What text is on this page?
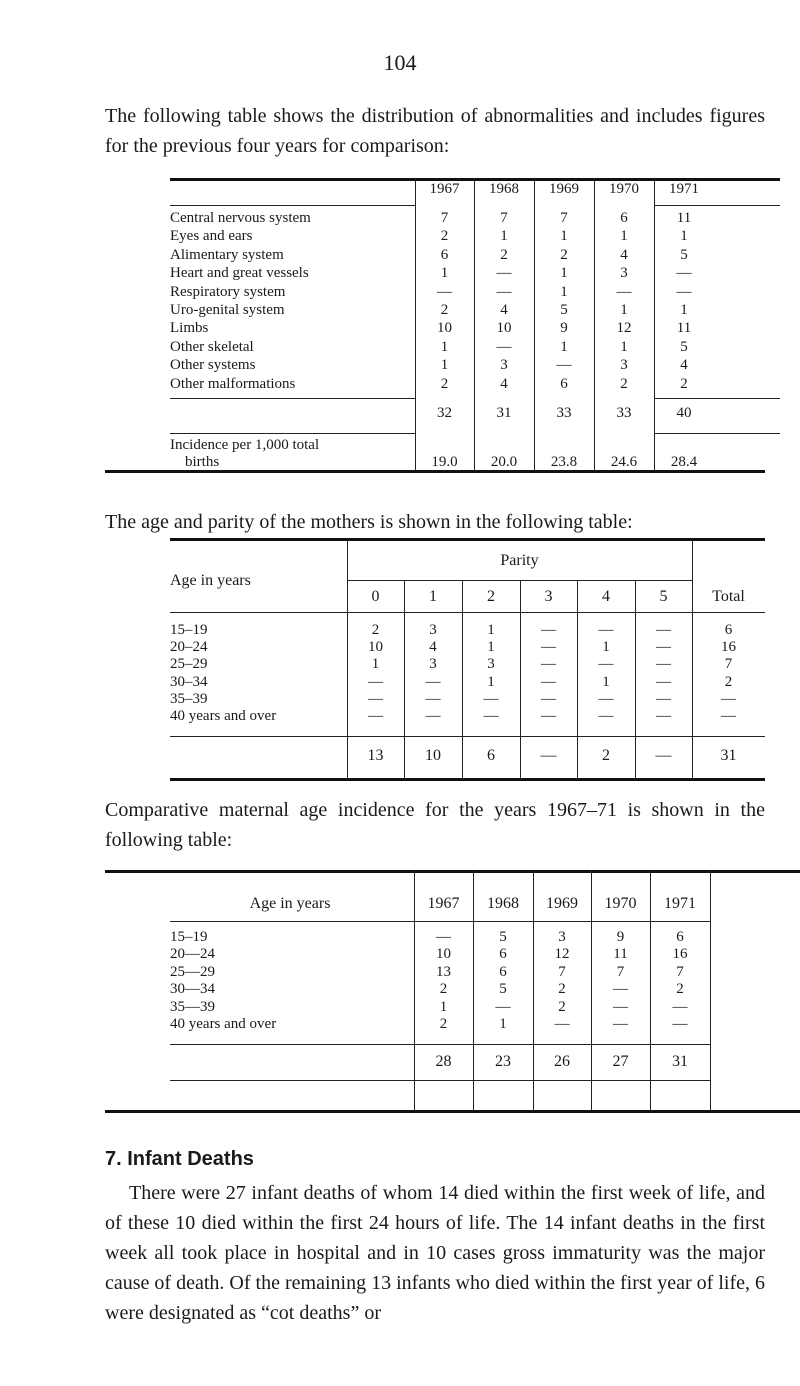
104

The following table shows the distribution of abnormalities and includes figures for the previous four years for comparison:

1967	1968	1969	1970	1971
Central nervous system	7	7	7	6	11
Eyes and ears	2	1	1	1	1
Alimentary system	6	2	2	4	5
Heart and great vessels	1	—	1	3	—
Respiratory system	—	—	1	—	—
Uro-genital system	2	4	5	1	1
Limbs	10	10	9	12	11
Other skeletal	1	—	1	1	5
Other systems	1	3	—	3	4
Other malformations	2	4	6	2	2
32	31	33	33	40
Incidence per 1,000 total
births	19.0	20.0	23.8	24.6	28.4

The age and parity of the mothers is shown in the following table:

Age in years
Parity
Total
0	1	2	3	4	5
15–19	2	3	1	—	—	—	6
20–24	10	4	1	—	1	—	16
25–29	1	3	3	—	—	—	7
30–34	—	—	1	—	1	—	2
35–39	—	—	—	—	—	—	—
40 years and over	—	—	—	—	—	—	—
13	10	6	—	2	—	31

Comparative maternal age incidence for the years 1967–71 is shown in the following table:

Age in years	1967	1968	1969	1970	1971
15–19	—	5	3	9	6
20—24	10	6	12	11	16
25—29	13	6	7	7	7
30—34	2	5	2	—	2
35—39	1	—	2	—	—
40 years and over	2	1	—	—	—
28	23	26	27	31
7. Infant Deaths

There were 27 infant deaths of whom 14 died within the first week of life, and of these 10 died within the first 24 hours of life. The 14 infant deaths in the first week all took place in hospital and in 10 cases gross immaturity was the major cause of death. Of the remaining 13 infants who died within the first year of life, 6 were designated as “cot deaths” or
